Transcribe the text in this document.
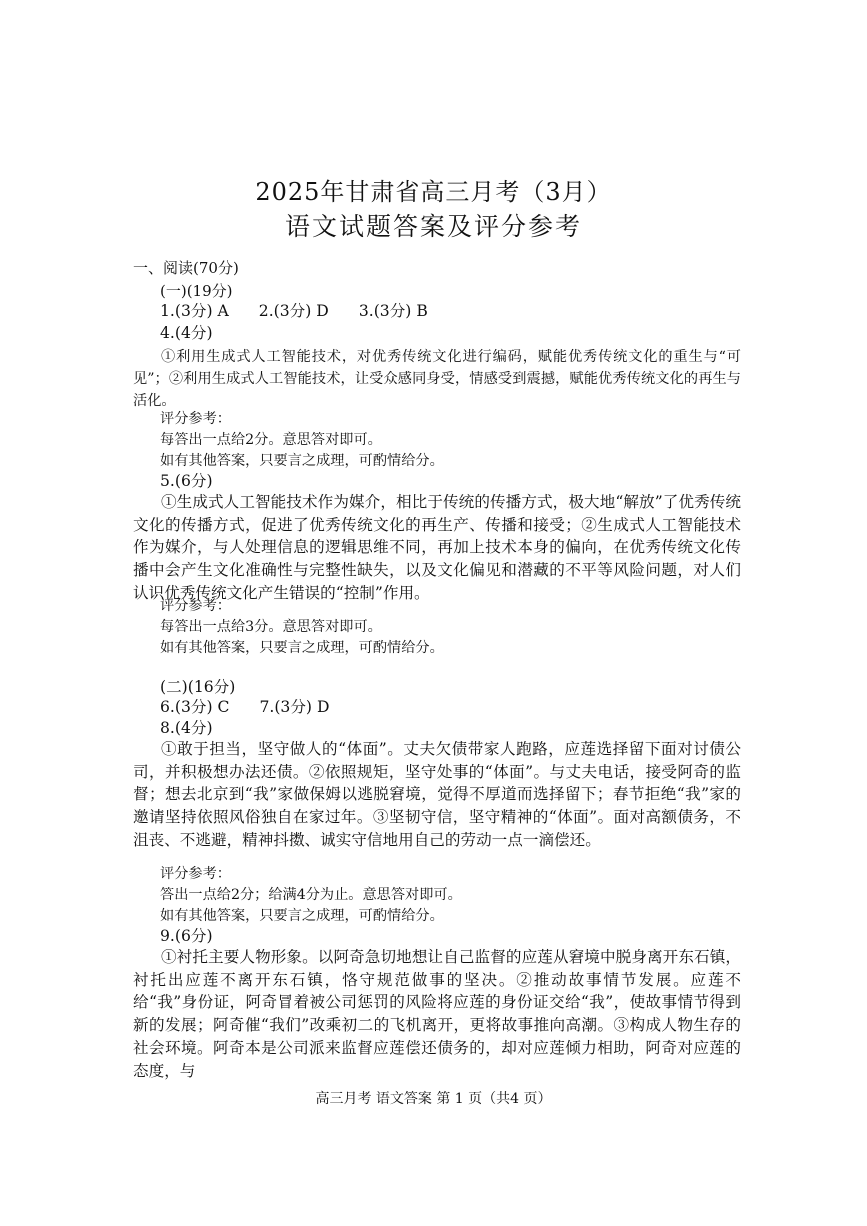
2025年甘肃省高三月考（3月）
语文试题答案及评分参考
一、阅读(70分)
(一)(19分)
1.(3分) A 2.(3分) D 3.(3分) B
4.(4分)
①利用生成式人工智能技术，对优秀传统文化进行编码，赋能优秀传统文化的重生与“可见”；②利用生成式人工智能技术，让受众感同身受，情感受到震撼，赋能优秀传统文化的再生与活化。
评分参考：
每答出一点给2分。意思答对即可。
如有其他答案，只要言之成理，可酌情给分。
5.(6分)
①生成式人工智能技术作为媒介，相比于传统的传播方式，极大地“解放”了优秀传统文化的传播方式，促进了优秀传统文化的再生产、传播和接受；②生成式人工智能技术作为媒介，与人处理信息的逻辑思维不同，再加上技术本身的偏向，在优秀传统文化传播中会产生文化准确性与完整性缺失，以及文化偏见和潜藏的不平等风险问题，对人们认识优秀传统文化产生错误的“控制”作用。
评分参考：
每答出一点给3分。意思答对即可。
如有其他答案，只要言之成理，可酌情给分。
(二)(16分)
6.(3分) C 7.(3分) D
8.(4分)
①敢于担当，坚守做人的“体面”。丈夫欠债带家人跑路，应莲选择留下面对讨债公司，并积极想办法还债。②依照规矩，坚守处事的“体面”。与丈夫电话，接受阿奇的监督；想去北京到“我”家做保姆以逃脱窘境，觉得不厚道而选择留下；春节拒绝“我”家的邀请坚持依照风俗独自在家过年。③坚韧守信，坚守精神的“体面”。面对高额债务，不沮丧、不逃避，精神抖擞、诚实守信地用自己的劳动一点一滴偿还。
评分参考：
答出一点给2分；给满4分为止。意思答对即可。
如有其他答案，只要言之成理，可酌情给分。
9.(6分)
①衬托主要人物形象。以阿奇急切地想让自己监督的应莲从窘境中脱身离开东石镇，衬托出应莲不离开东石镇，恪守规范做事的坚决。②推动故事情节发展。应莲不给“我”身份证，阿奇冒着被公司惩罚的风险将应莲的身份证交给“我”，使故事情节得到新的发展；阿奇催“我们”改乘初二的飞机离开，更将故事推向高潮。③构成人物生存的社会环境。阿奇本是公司派来监督应莲偿还债务的，却对应莲倾力相助，阿奇对应莲的态度，与
高三月考 语文答案 第 1 页（共4 页）
